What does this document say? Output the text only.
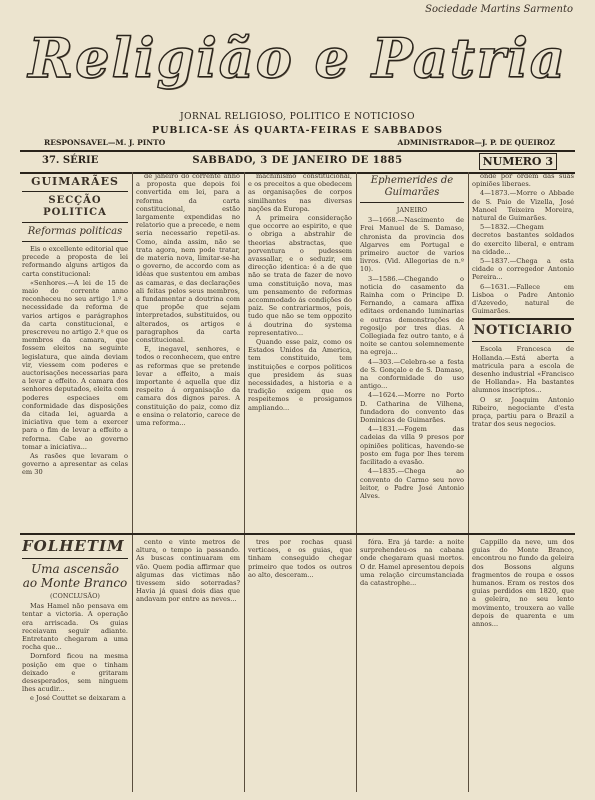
Sociedade Martins Sarmento
Religião e Patria
JORNAL RELIGIOSO, POLITICO E NOTICIOSO
PUBLICA-SE ÁS QUARTA-FEIRAS E SABBADOS
RESPONSAVEL—M. J. PINTO	ADMINISTRADOR—J. P. DE QUEIROZ
37. SÉRIE	SABBADO, 3 DE JANEIRO DE 1885	NUMERO 3
GUIMARÃES
SECÇÃO POLITICA
Reformas politicas

Eis o excellente editorial que precede a proposta de lei reformando alguns artigos da carta constitucional:

«Senhores.—A lei de 15 de maio do corrente anno reconheceu no seu artigo 1.º a necessidade da reforma de varios artigos e parágraphos da carta constitucional, e prescreveu no artigo 2.º que os membros da camara, que fossem eleitos na seguinte legislatura, que ainda deviam vir, viessem com poderes e auctorisações necessarias para a levar a effeito. A camara dos senhores deputados, eleita com poderes especiaes em conformidade das disposições da citada lei, aguarda a iniciativa que tem a exercer para o fim de levar a effeito a reforma. Cabe ao governo tomar a iniciativa...

As rasões que levaram o governo a apresentar as celas em 30

de janeiro do corrente anno a proposta que depois foi convertida em lei, para a reforma da carta constitucional, estão largamente expendidas no relatorio que a precede, e nem seria necessario repetil-as. Como, ainda assim, não se trata agora, nem pode tratar, de materia nova, limitar-se-ha o governo, de accordo com as idéas que sustentou em ambas as camaras, e das declarações ali feitas pelos seus membros, a fundamentar a doutrina com que propõe que sejam interpretados, substituidos, ou alterados, os artigos e paragraphos da carta constitucional.

E, inegavel, senhores, e todos o reconhecem, que entre as reformas que se pretende levar a effeito, a mais importante é aquella que diz respeito á organisação da camara dos dignos pares. A constituição do paiz, como diz e ensina o relatorio, carece de uma reforma...

machinismo constitucional, e os preceitos a que obedecem as organisações de corpos similhantes nas diversas nações da Europa.

A primeira consideração que occorre ao espirito, e que o obriga a abstrahir de theorias abstractas, que porventura o pudessem avassallar, e o seduzir, em direcção identica: é a de que não se trata de fazer de novo uma constituição nova, mas um pensamento de reformas accommodado ás condições do paiz. Se contrariarmos, pois, tudo que não se tem oppozito á doutrina do systema representativo...

Quando esse paiz, como os Estados Unidos da America, tem constituido, tem instituições e corpos politicos que presidem ás suas necessidades, a historia e a tradição exigem que os respeitemos e prosigamos ampliando...

Ephemerides de Guimarães
JANEIRO

3—1668.—Nascimento de Frei Manuel de S. Damaso, chronista da provincia dos Algarves em Portugal e primeiro auctor de varios livros. (Vid. Allegorias de n.º 10).

3—1586.—Chegando o noticia do casamento da Rainha com o Principe D. Fernando, a camara affixa editaes ordenando luminarias e outras demonstrações de regosijo por tres dias. A Collegiada fez outro tanto, e á noite se cantou solemnemente na egreja...

4—303.—Celebra-se a festa de S. Gonçalo e de S. Damaso, na conformidade do uso antigo...

4—1624.—Morre no Porto D. Catharina de Vilhena, fundadora do convento das Dominicas de Guimarães.

4—1831.—Fogem das cadeias da villa 9 presos por opiniões politicas, havendo-se posto em fuga por lhes terem facilitado a evasão.

4—1835.—Chega ao convento do Carmo seu novo leitor, o Padre José Antonio Alves.

onde por ordem das suas opiniões liberaes.

4—1873.—Morre o Abbade de S. Paio de Vizella, José Manoel Teixeira Moreira, natural de Guimarães.

5—1832.—Chegam decretos bastantes soldados do exercito liberal, e entram na cidade...

5—1837.—Chega a esta cidade o corregedor Antonio Pereira...

6—1631.—Fallece em Lisboa o Padre Antonio d'Azevedo, natural de Guimarães.

NOTICIARIO

Escola Francesca de Hollanda.—Está aberta a matricula para a escola de desenho industrial «Francisco de Hollanda». Ha bastantes alumnos inscriptos...

O sr. Joaquim Antonio Ribeiro, negociante d'esta praça, partiu para o Brazil a tratar dos seus negocios.

FOLHETIM
Uma ascensão ao Monte Branco
(CONCLUSÃO)

Mas Hamel não pensava em tentar a victoria. A operação era arriscada. Os guias receiavam seguir adiante. Entretanto chegaram a uma rocha que...

Dornford ficou na mesma posição em que o tinham deixado e gritaram desesperados, sem ninguem lhes acudir...

e José Couttet se deixaram a

cento e vinte metros de altura, o tempo ia passando. As buscas continuaram em vão. Quem podia affirmar que algumas das victimas não tivessem sido soterradas? Havia já quasi dois dias que andavam por entre as neves...

tres por rochas quasi verticaes, e os guias, que tinham conseguido chegar primeiro que todos os outros ao alto, desceram...

fóra. Era já tarde: a noite surprehendeu-os na cabana onde chegaram quasi mortos. O dr. Hamel apresentou depois uma relação circumstanciada da catastrophe...

Cappillo da neve, um dos guias do Monte Branco, encontrou no fundo da geleira dos Bossons alguns fragmentos de roupa e ossos humanos. Eram os restos dos guias perdidos em 1820, que a geleira, no seu lento movimento, trouxera ao valle depois de quarenta e um annos...
